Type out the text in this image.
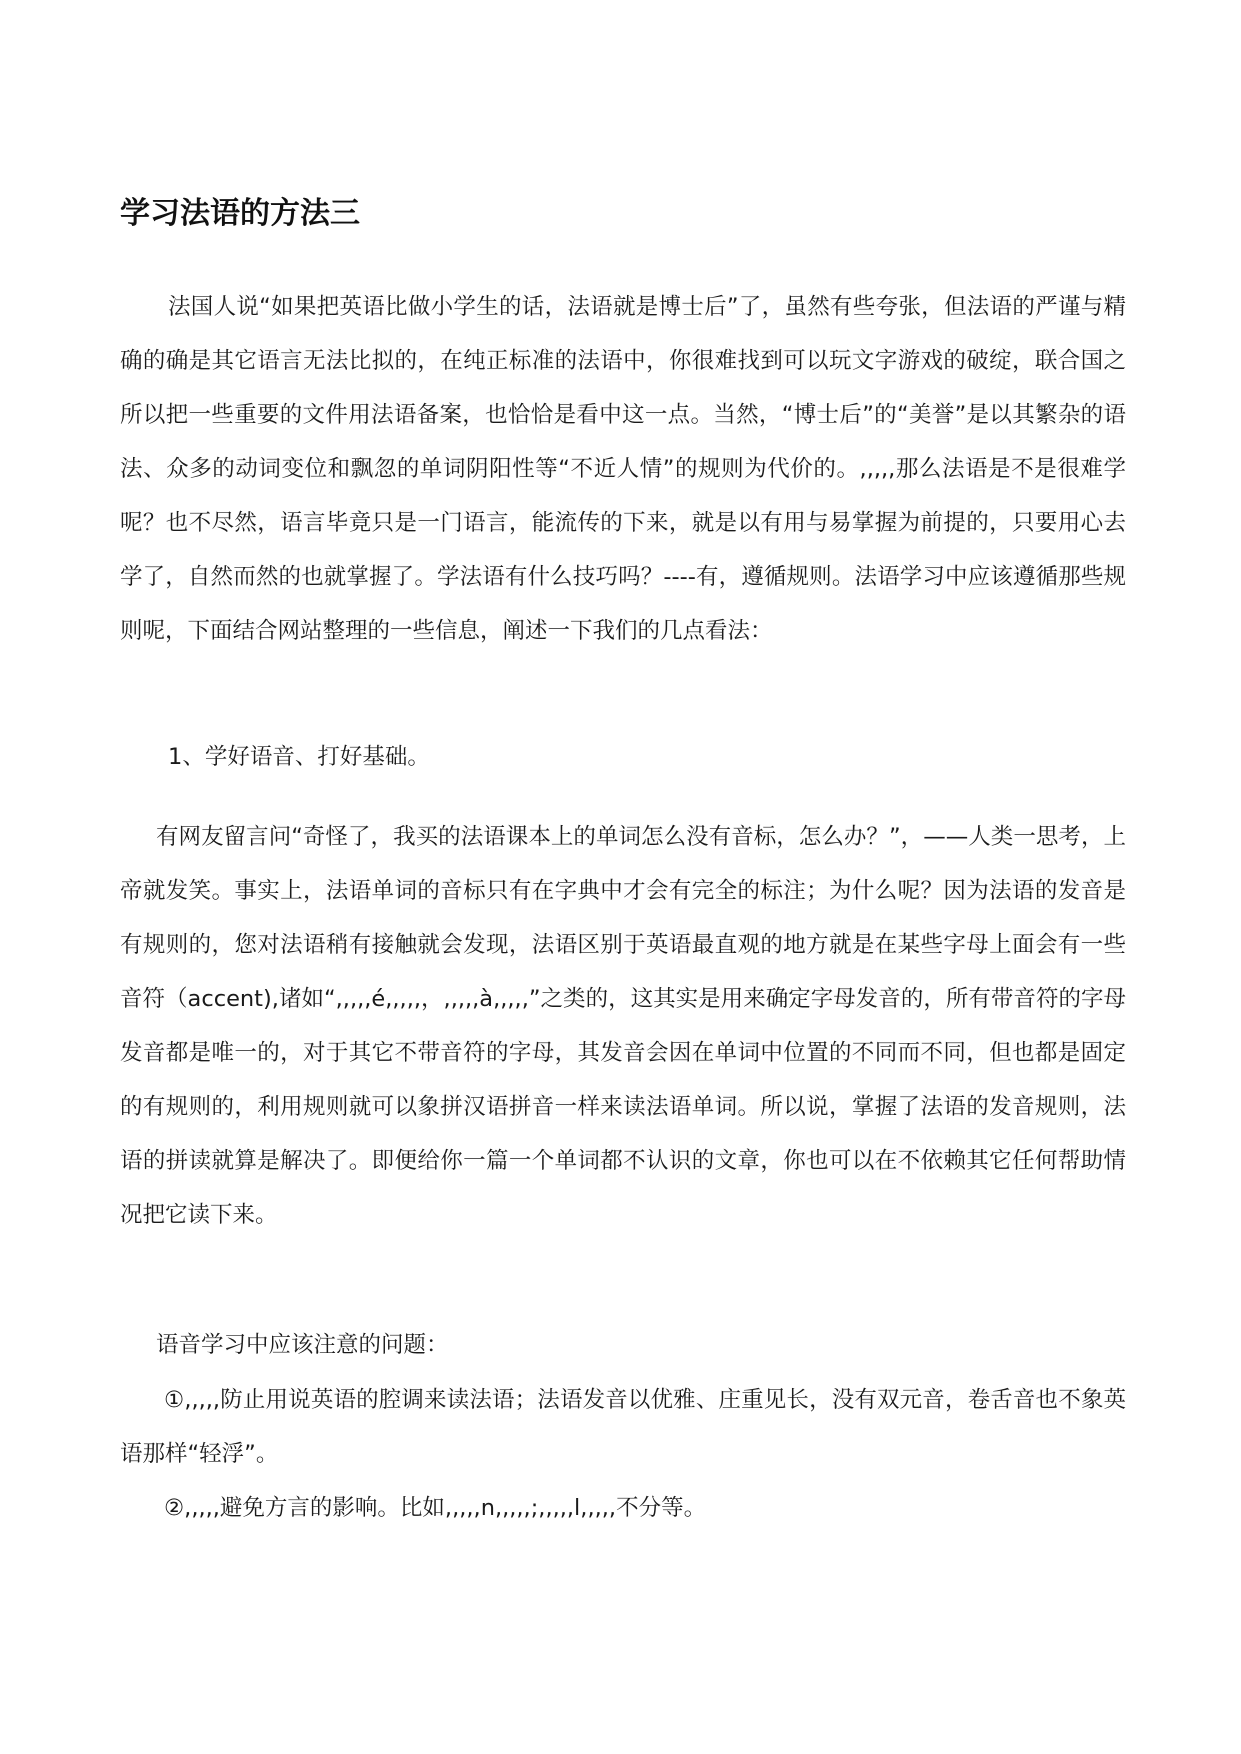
学习法语的方法三

法国人说“如果把英语比做小学生的话，法语就是博士后”了，虽然有些夸张，但法语的严谨与精确的确是其它语言无法比拟的，在纯正标准的法语中，你很难找到可以玩文字游戏的破绽，联合国之所以把一些重要的文件用法语备案，也恰恰是看中这一点。当然，“博士后”的“美誉”是以其繁杂的语法、众多的动词变位和飘忽的单词阴阳性等“不近人情”的规则为代价的。,,,,,那么法语是不是很难学呢？也不尽然，语言毕竟只是一门语言，能流传的下来，就是以有用与易掌握为前提的，只要用心去学了，自然而然的也就掌握了。学法语有什么技巧吗？----有，遵循规则。法语学习中应该遵循那些规则呢，下面结合网站整理的一些信息，阐述一下我们的几点看法：

1、学好语音、打好基础。

有网友留言问“奇怪了，我买的法语课本上的单词怎么没有音标，怎么办？”，——人类一思考，上帝就发笑。事实上，法语单词的音标只有在字典中才会有完全的标注；为什么呢？因为法语的发音是有规则的，您对法语稍有接触就会发现，法语区别于英语最直观的地方就是在某些字母上面会有一些音符（accent),诸如“,,,,,é,,,,,，,,,,,à,,,,,”之类的，这其实是用来确定字母发音的，所有带音符的字母发音都是唯一的，对于其它不带音符的字母，其发音会因在单词中位置的不同而不同，但也都是固定的有规则的，利用规则就可以象拼汉语拼音一样来读法语单词。所以说，掌握了法语的发音规则，法语的拼读就算是解决了。即便给你一篇一个单词都不认识的文章，你也可以在不依赖其它任何帮助情况把它读下来。

语音学习中应该注意的问题：

①,,,,,防止用说英语的腔调来读法语；法语发音以优雅、庄重见长，没有双元音，卷舌音也不象英语那样“轻浮”。

②,,,,,避免方言的影响。比如,,,,,n,,,,,;,,,,,l,,,,,不分等。
